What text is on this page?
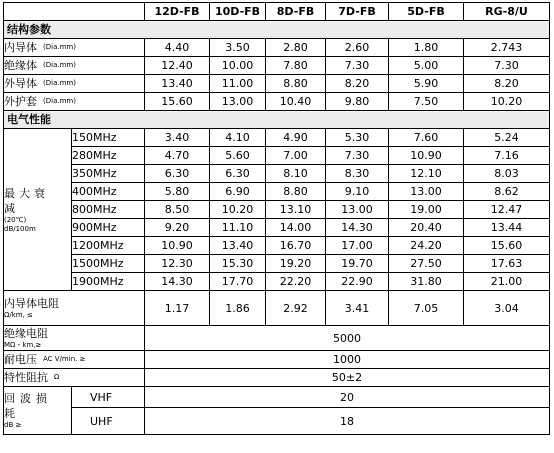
		12D-FB	10D-FB	8D-FB	7D-FB	5D-FB	RG-8/U
结构参数							
内导体 (Dia.mm)		4.40	3.50	2.80	2.60	1.80	2.743
绝缘体 (Dia.mm)		12.40	10.00	7.80	7.30	5.00	7.30
外导体 (Dia.mm)		13.40	11.00	8.80	8.20	5.90	8.20
外护套 (Dia.mm)		15.60	13.00	10.40	9.80	7.50	10.20
电气性能							
最大衰
减

(20℃)
dB/100m	150MHz	3.40	4.10	4.90	5.30	7.60	5.24
	280MHz	4.70	5.60	7.00	7.30	10.90	7.16
	350MHz	6.30	6.30	8.10	8.30	12.10	8.03
	400MHz	5.80	6.90	8.80	9.10	13.00	8.62
	800MHz	8.50	10.20	13.10	13.00	19.00	12.47
	900MHz	9.20	11.10	14.00	14.30	20.40	13.44
	1200MHz	10.90	13.40	16.70	17.00	24.20	15.60
	1500MHz	12.30	15.30	19.20	19.70	27.50	17.63
	1900MHz	14.30	17.70	22.20	22.90	31.80	21.00
内导体电阻
Ω/km, ≤		1.17	1.86	2.92	3.41	7.05	3.04
绝缘电阻
MΩ・km,≥		5000					
耐电压 AC V/min. ≥		1000					
特性阻抗 Ω		50±2					
回波损
耗
dB ≥	VHF	20					
	UHF	18					
